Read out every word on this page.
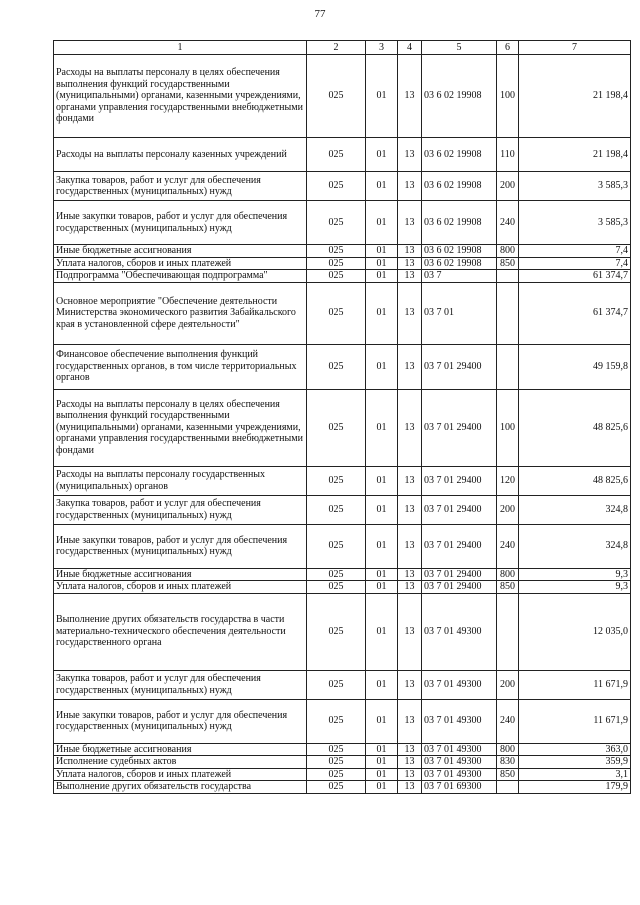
77
1	2	3	4	5	6	7
Расходы на выплаты персоналу в целях обеспечения выполнения функций государственными (муниципальными) органами, казенными учреждениями, органами управления государственными внебюджетными фондами	025	01	13	03 6 02 19908	100	21 198,4
Расходы на выплаты персоналу казенных учреждений	025	01	13	03 6 02 19908	110	21 198,4
Закупка товаров, работ и услуг для обеспечения государственных (муниципальных) нужд	025	01	13	03 6 02 19908	200	3 585,3
Иные закупки товаров, работ и услуг для обеспечения государственных (муниципальных) нужд	025	01	13	03 6 02 19908	240	3 585,3
Иные бюджетные ассигнования	025	01	13	03 6 02 19908	800	7,4
Уплата налогов, сборов и иных платежей	025	01	13	03 6 02 19908	850	7,4
Подпрограмма "Обеспечивающая подпрограмма"	025	01	13	03 7		61 374,7
Основное мероприятие "Обеспечение деятельности Министерства экономического развития Забайкальского края в установленной сфере деятельности"	025	01	13	03 7 01		61 374,7
Финансовое обеспечение выполнения функций государственных органов, в том числе территориальных органов	025	01	13	03 7 01 29400		49 159,8
Расходы на выплаты персоналу в целях обеспечения выполнения функций государственными (муниципальными) органами, казенными учреждениями, органами управления государственными внебюджетными фондами	025	01	13	03 7 01 29400	100	48 825,6
Расходы на выплаты персоналу государственных (муниципальных) органов	025	01	13	03 7 01 29400	120	48 825,6
Закупка товаров, работ и услуг для обеспечения государственных (муниципальных) нужд	025	01	13	03 7 01 29400	200	324,8
Иные закупки товаров, работ и услуг для обеспечения государственных (муниципальных) нужд	025	01	13	03 7 01 29400	240	324,8
Иные бюджетные ассигнования	025	01	13	03 7 01 29400	800	9,3
Уплата налогов, сборов и иных платежей	025	01	13	03 7 01 29400	850	9,3
Выполнение других обязательств государства в части материально-технического обеспечения деятельности государственного органа	025	01	13	03 7 01 49300		12 035,0
Закупка товаров, работ и услуг для обеспечения государственных (муниципальных) нужд	025	01	13	03 7 01 49300	200	11 671,9
Иные закупки товаров, работ и услуг для обеспечения государственных (муниципальных) нужд	025	01	13	03 7 01 49300	240	11 671,9
Иные бюджетные ассигнования	025	01	13	03 7 01 49300	800	363,0
Исполнение судебных актов	025	01	13	03 7 01 49300	830	359,9
Уплата налогов, сборов и иных платежей	025	01	13	03 7 01 49300	850	3,1
Выполнение других обязательств государства	025	01	13	03 7 01 69300		179,9
